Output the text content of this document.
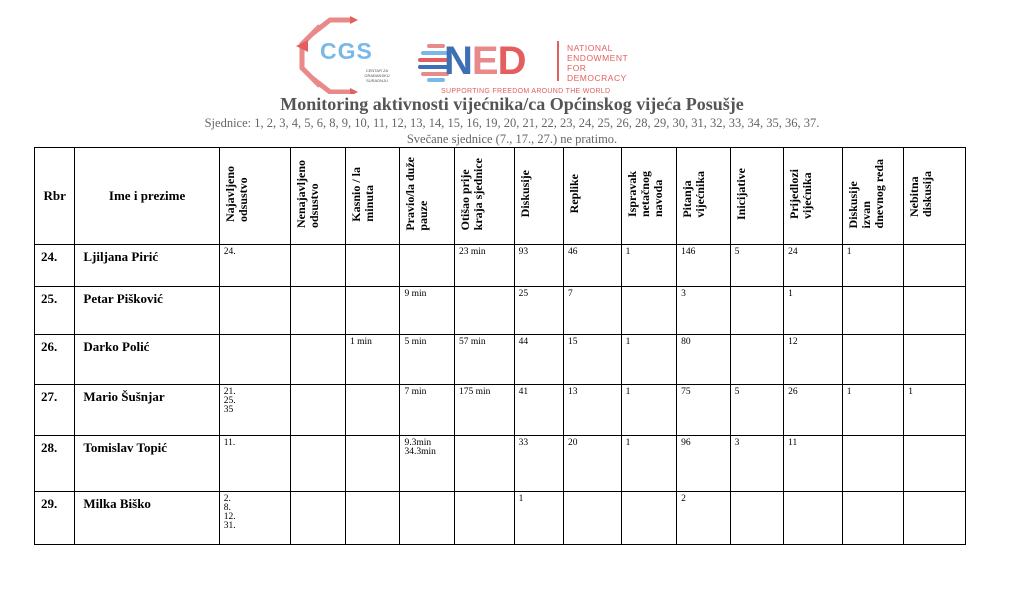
CGS
CENTAR ZA GRAĐANSKU SURADNJU NED	NATIONAL
ENDOWMENT
FOR
DEMOCRACY
SUPPORTING FREEDOM AROUND THE WORLD
Monitoring aktivnosti vijećnika/ca Općinskog vijeća Posušje
Sjednice: 1, 2, 3, 4, 5, 6, 8, 9, 10, 11, 12, 13, 14, 15, 16, 19, 20, 21, 22, 23, 24, 25, 26, 28, 29, 30, 31, 32, 33, 34, 35, 36, 37.
Svečane sjednice (7., 17., 27.) ne pratimo.
Rbr	Ime i prezime	Najavljeno
odsustvo	Nenajavljeno
odsustvo	Kasnio / la
minuta	Pravio/la duže
pauze	Otišao prije
kraja sjednice	Diskusije	Replike	Ispravak
netačnog
navoda	Pitanja
vijećnika	Inicijative	Prijedlozi
vijećnika	Diskusije
izvan
dnevnog reda	Nebitna
diskusija
24.	Ljiljana Pirić	24.				23 min	93	46	1	146	5	24	1	
25.	Petar Pišković				9 min		25	7		3		1		
26.	Darko Polić			1 min	5 min	57 min	44	15	1	80		12		
27.	Mario Šušnjar	21.
25.
35			7 min	175 min	41	13	1	75	5	26	1	1
28.	Tomislav Topić	11.			9.3min
34.3min		33	20	1	96	3	11		
29.	Milka Biško	2.
8.
12.
31.					1			2				
